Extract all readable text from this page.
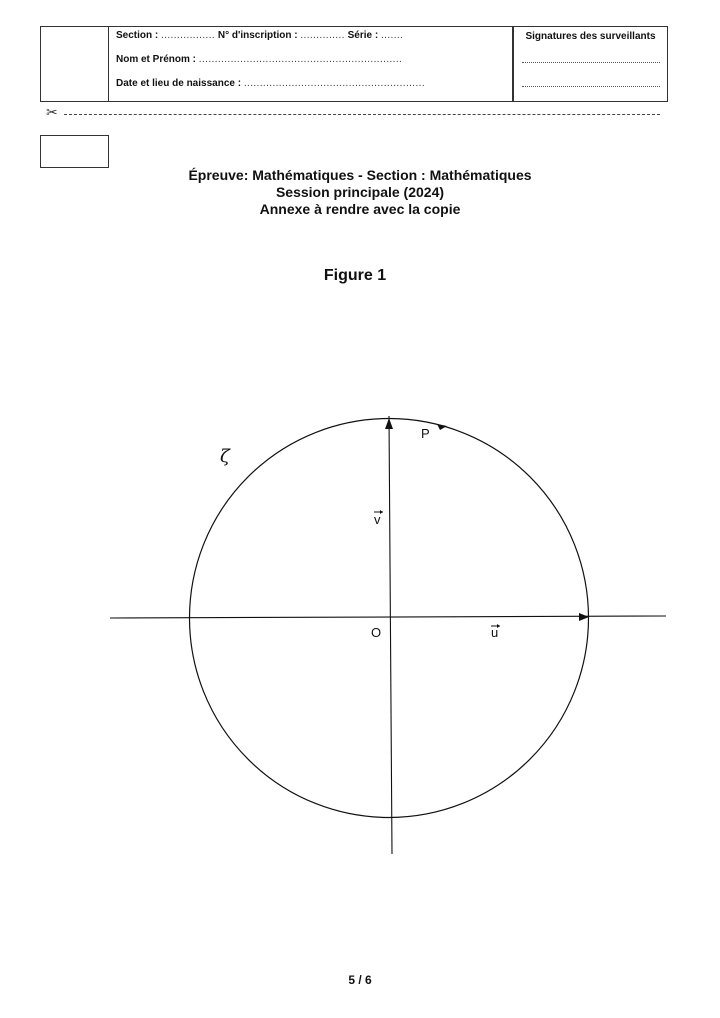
Section : ................. N° d'inscription : .............. Série : .......
Nom et Prénom : ................................................................
Date et lieu de naissance : .........................................................
Signatures des surveillants
✂
Épreuve: Mathématiques - Section : Mathématiques
Session principale (2024)
Annexe à rendre avec la copie
Figure 1
ζ
P
O	u
v
5 / 6
